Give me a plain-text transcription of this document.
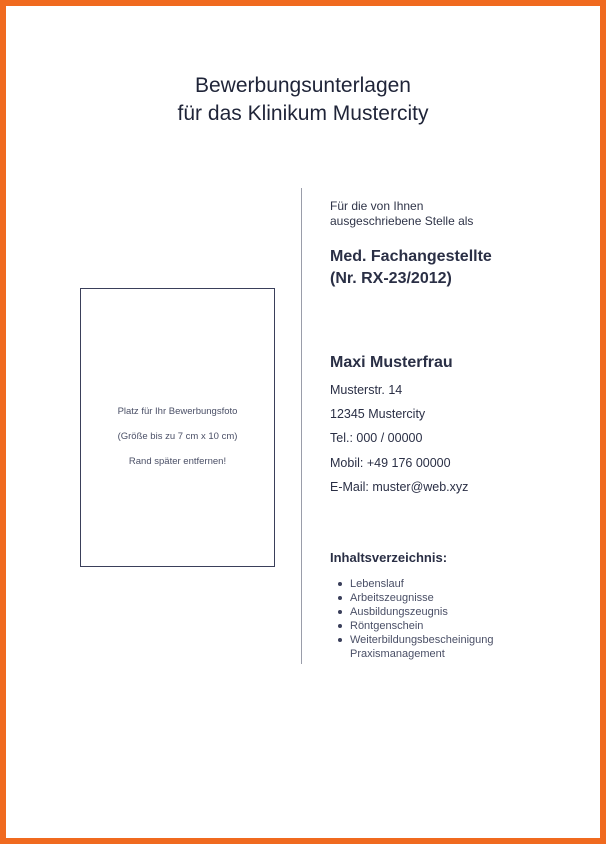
Bewerbungsunterlagen
für das Klinikum Mustercity
Platz für Ihr Bewerbungsfoto
(Größe bis zu 7 cm x 10 cm)
Rand später entfernen!
Für die von Ihnen
ausgeschriebene Stelle als
Med. Fachangestellte
(Nr. RX-23/2012)
Maxi Musterfrau
Musterstr. 14
12345 Mustercity
Tel.: 000 / 00000
Mobil: +49 176 00000
E-Mail: muster@web.xyz
Inhaltsverzeichnis:
Lebenslauf
Arbeitszeugnisse
Ausbildungszeugnis
Röntgenschein
Weiterbildungsbescheinigung
Praxismanagement
